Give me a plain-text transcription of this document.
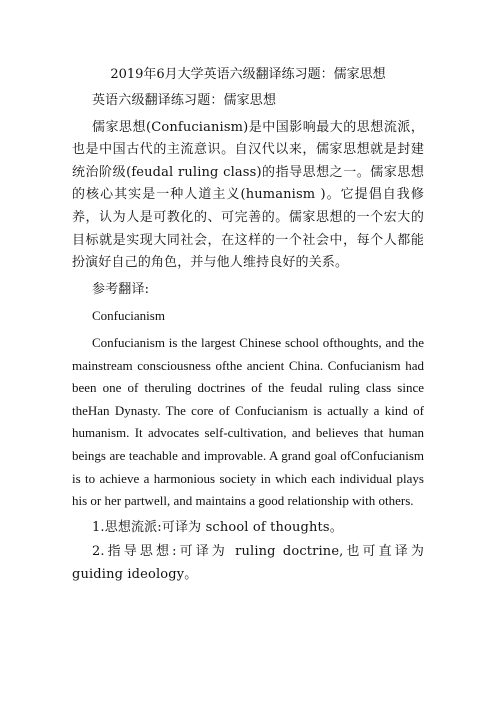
2019年6月大学英语六级翻译练习题：儒家思想

英语六级翻译练习题：儒家思想

儒家思想(Confucianism)是中国影响最大的思想流派，也是中国古代的主流意识。自汉代以来，儒家思想就是封建统治阶级(feudal ruling class)的指导思想之一。儒家思想的核心其实是一种人道主义(humanism )。它提倡自我修养，认为人是可教化的、可完善的。儒家思想的一个宏大的目标就是实现大同社会，在这样的一个社会中，每个人都能扮演好自己的角色，并与他人维持良好的关系。

参考翻译:

Confucianism

Confucianism is the largest Chinese school ofthoughts, and the mainstream consciousness ofthe ancient China. Confucianism had been one of theruling doctrines of the feudal ruling class since theHan Dynasty. The core of Confucianism is actually a kind of humanism. It advocates self-cultivation, and believes that human beings are teachable and improvable. A grand goal ofConfucianism is to achieve a harmonious society in which each individual plays his or her partwell, and maintains a good relationship with others.

1.思想流派:可译为 school of thoughts。

2.指导思想:可译为 ruling doctrine,也可直译为 guiding ideology。
